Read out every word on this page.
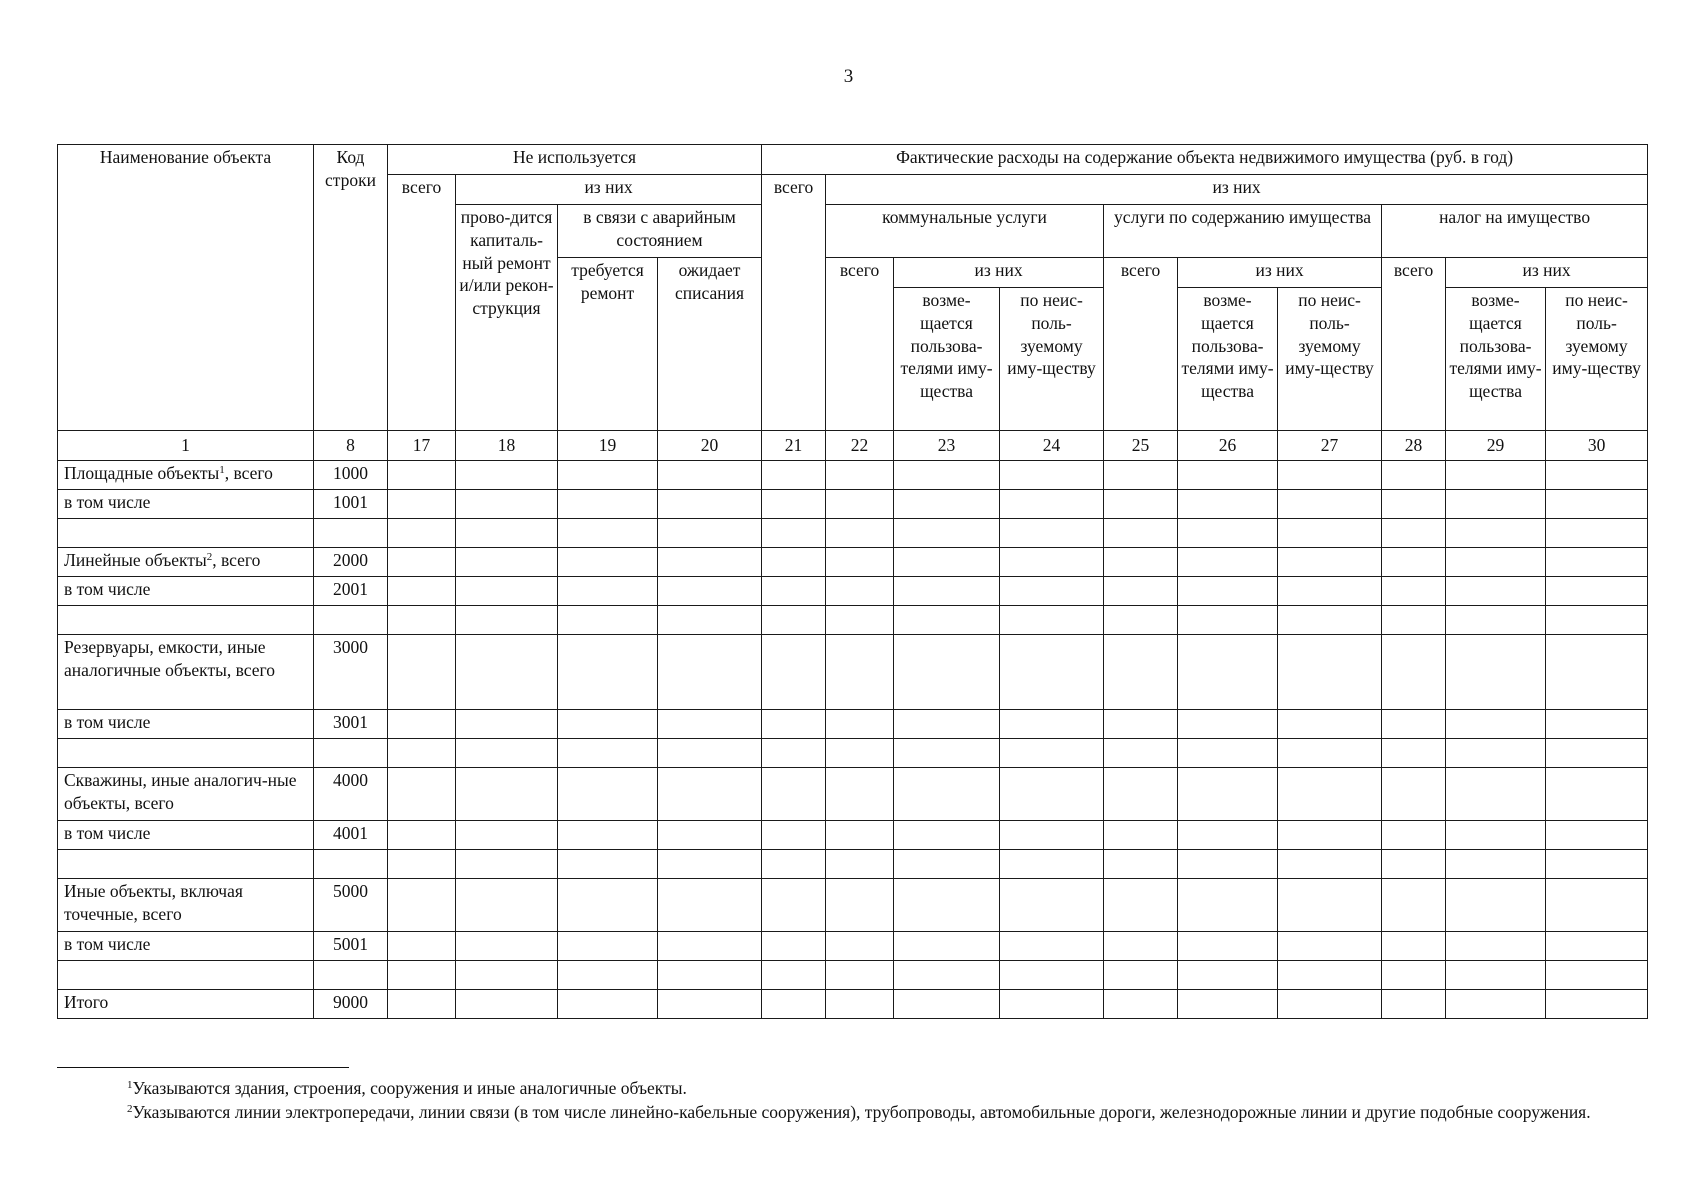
3
Наименование объекта	Код строки	Не используется				Фактические расходы на содержание объекта недвижимого имущества (руб. в год)									
		всего	из них			всего	из них								
			прово-дится капиталь-ный ремонт и/или рекон-струкция	в связи с аварийным состоянием			коммунальные услуги			услуги по содержанию имущества			налог на имущество		
				требуется ремонт	ожидает списания		всего	из них		всего	из них		всего	из них	
								возме-щается пользова-телями иму-щества	по неис-поль-зуемому иму-ществу		возме-щается пользова-телями иму-щества	по неис-поль-зуемому иму-ществу		возме-щается пользова-телями иму-щества	по неис-поль-зуемому иму-ществу
1	8	17	18	19	20	21	22	23	24	25	26	27	28	29	30
Площадные объекты$^1$, всего	1000														
в том числе	1001														

Линейные объекты$^2$, всего	2000														
в том числе	2001														

Резервуары, емкости, иные аналогичные объекты, всего	3000														
в том числе	3001														

Скважины, иные аналогич-ные объекты, всего	4000														
в том числе	4001														

Иные объекты, включая точечные, всего	5000														
в том числе	5001														

Итого	9000														

$^1$Указываются здания, строения, сооружения и иные аналогичные объекты.

$^2$Указываются линии электропередачи, линии связи (в том числе линейно-кабельные сооружения), трубопроводы, автомобильные дороги, железнодорожные линии и другие подобные сооружения.
